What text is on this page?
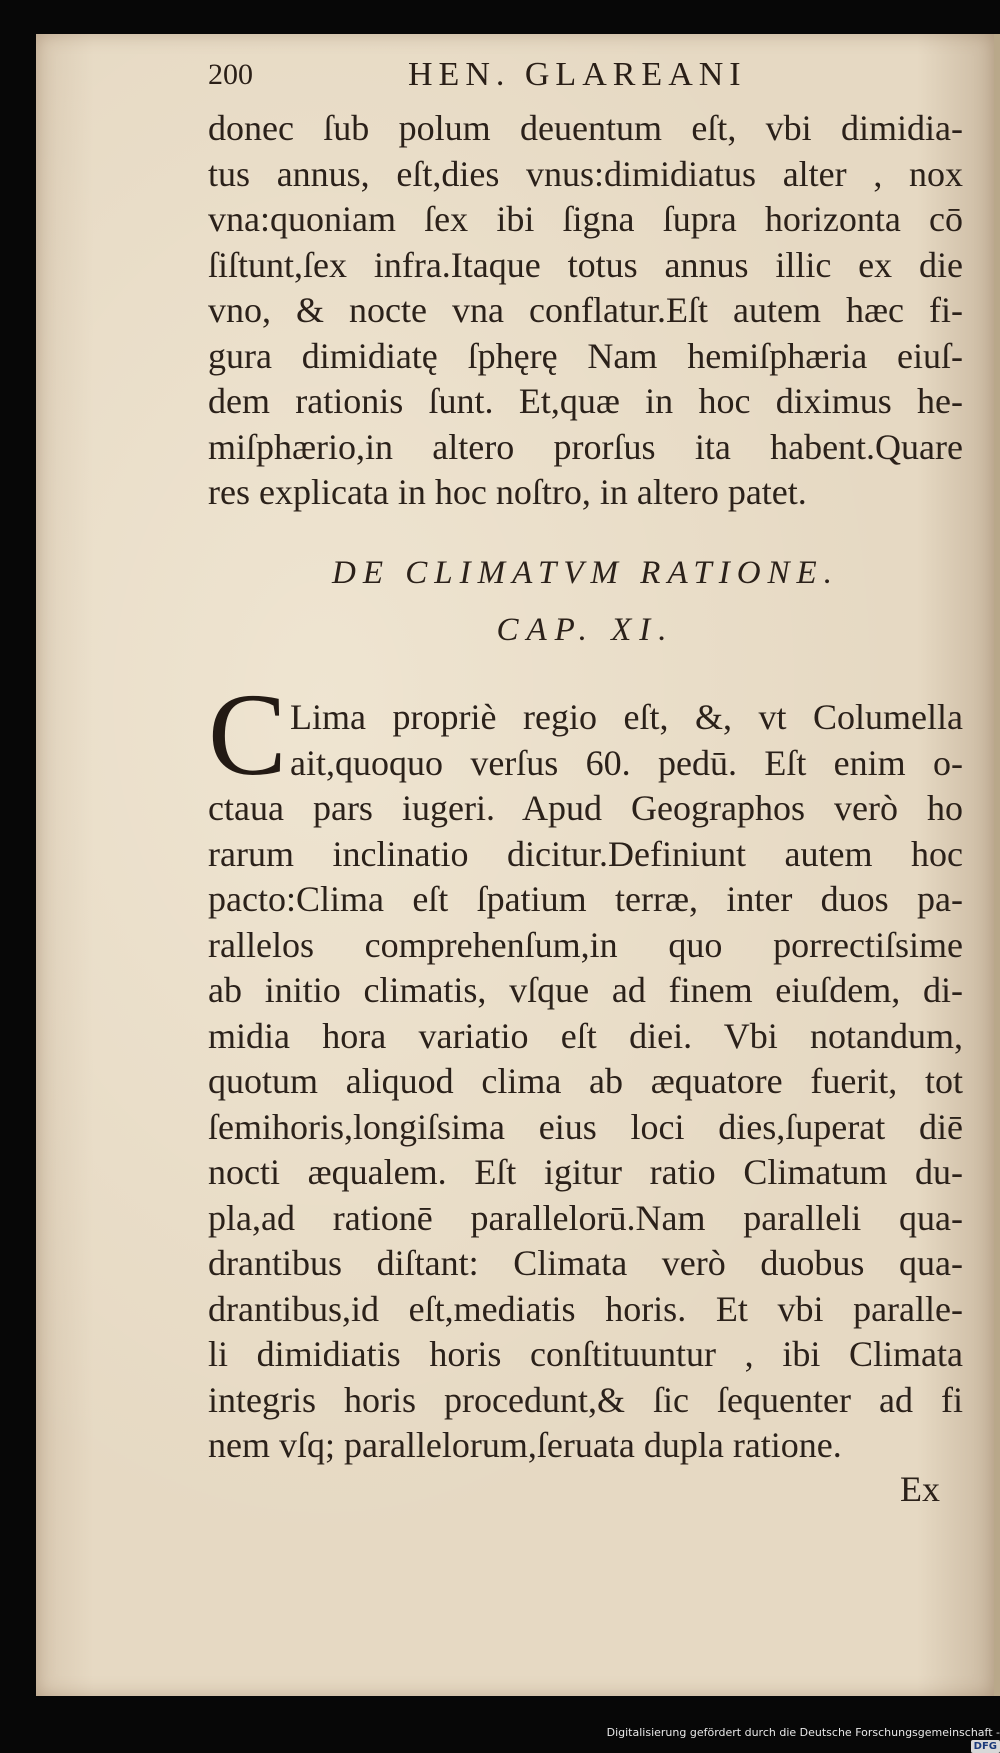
200	HEN. GLAREANI
donec ſub polum deuentum eſt, vbi dimidia-
tus annus, eſt,dies vnus:dimidiatus alter , nox
vna:quoniam ſex ibi ſigna ſupra horizonta cō
ſiſtunt,ſex infra.Itaque totus annus illic ex die
vno, & nocte vna conflatur.Eſt autem hæc fi-
gura dimidiatę ſphęrę Nam hemiſphæria eiuſ-
dem rationis ſunt. Et,quæ in hoc diximus he-
miſphærio,in altero prorſus ita habent.Quare
res explicata in hoc noſtro, in altero patet.
DE CLIMATVM RATIONE.
CAP. XI.
C Lima propriè regio eſt, &, vt Columella
ait,quoquo verſus 60. pedū. Eſt enim o-
ctaua pars iugeri. Apud Geographos verò ho
rarum inclinatio dicitur.Definiunt autem hoc
pacto:Clima eſt ſpatium terræ, inter duos pa-
rallelos comprehenſum,in quo porrectiſsime
ab initio climatis, vſque ad finem eiuſdem, di-
midia hora variatio eſt diei. Vbi notandum,
quotum aliquod clima ab æquatore fuerit, tot
ſemihoris,longiſsima eius loci dies,ſuperat diē
nocti æqualem. Eſt igitur ratio Climatum du-
pla,ad rationē parallelorū.Nam paralleli qua-
drantibus diſtant: Climata verò duobus qua-
drantibus,id eſt,mediatis horis. Et vbi paralle-
li dimidiatis horis conſtituuntur , ibi Climata
integris horis procedunt,& ſic ſequenter ad fi
nem vſq; parallelorum,ſeruata dupla ratione.
Ex
Digitalisierung gefördert durch die Deutsche Forschungsgemeinschaft - DFG
